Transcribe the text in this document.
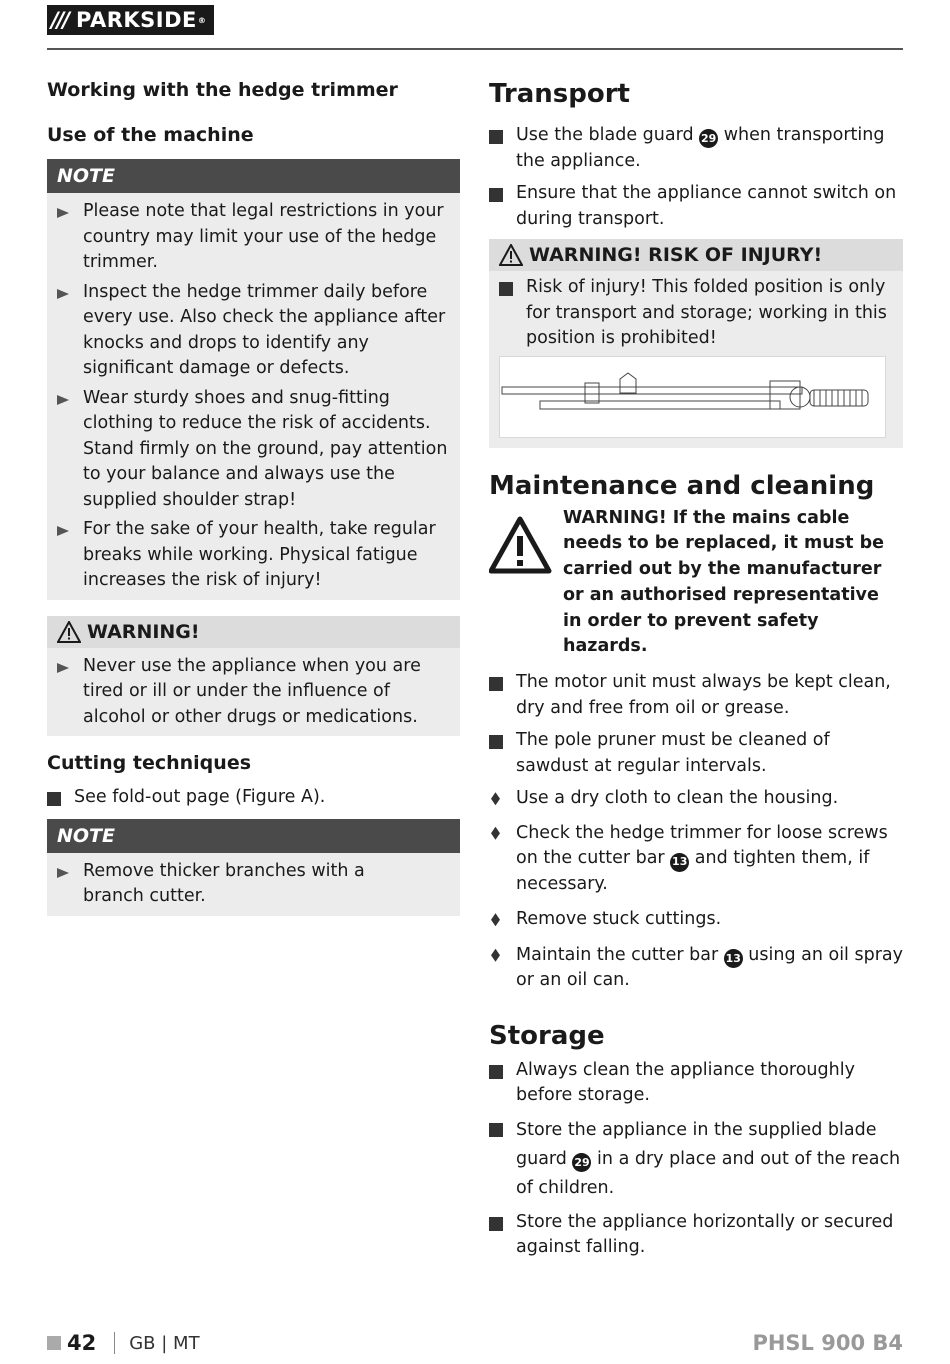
/// PARKSIDE ®
Working with the hedge trimmer
Use of the machine
NOTE
Please note that legal restrictions in your country may limit your use of the hedge trimmer.
Inspect the hedge trimmer daily before every use. Also check the appliance after knocks and drops to identify any significant damage or defects.
Wear sturdy shoes and snug-fitting clothing to reduce the risk of accidents. Stand firmly on the ground, pay attention to your balance and always use the supplied shoulder strap!
For the sake of your health, take regular breaks while working. Physical fatigue increases the risk of injury!
WARNING!
Never use the appliance when you are tired or ill or under the influence of alcohol or other drugs or medications.
Cutting techniques
See fold-out page (Figure A).
NOTE
Remove thicker branches with a branch cutter.
Transport
Use the blade guard 29 when transporting the appliance.
Ensure that the appliance cannot switch on during transport.
WARNING! RISK OF INJURY!
Risk of injury! This folded position is only for transport and storage; working in this position is prohibited!
Maintenance and cleaning
WARNING! If the mains cable needs to be replaced, it must be carried out by the manufacturer or an authorised representative in order to prevent safety hazards.
The motor unit must always be kept clean, dry and free from oil or grease.
The pole pruner must be cleaned of sawdust at regular intervals.
Use a dry cloth to clean the housing.
Check the hedge trimmer for loose screws on the cutter bar 13 and tighten them, if necessary.
Remove stuck cuttings.
Maintain the cutter bar 13 using an oil spray or an oil can.
Storage
Always clean the appliance thoroughly before storage.
Store the appliance in the supplied blade guard 29 in a dry place and out of the reach of children.
Store the appliance horizontally or secured against falling.
42 GB | MT	PHSL 900 B4
